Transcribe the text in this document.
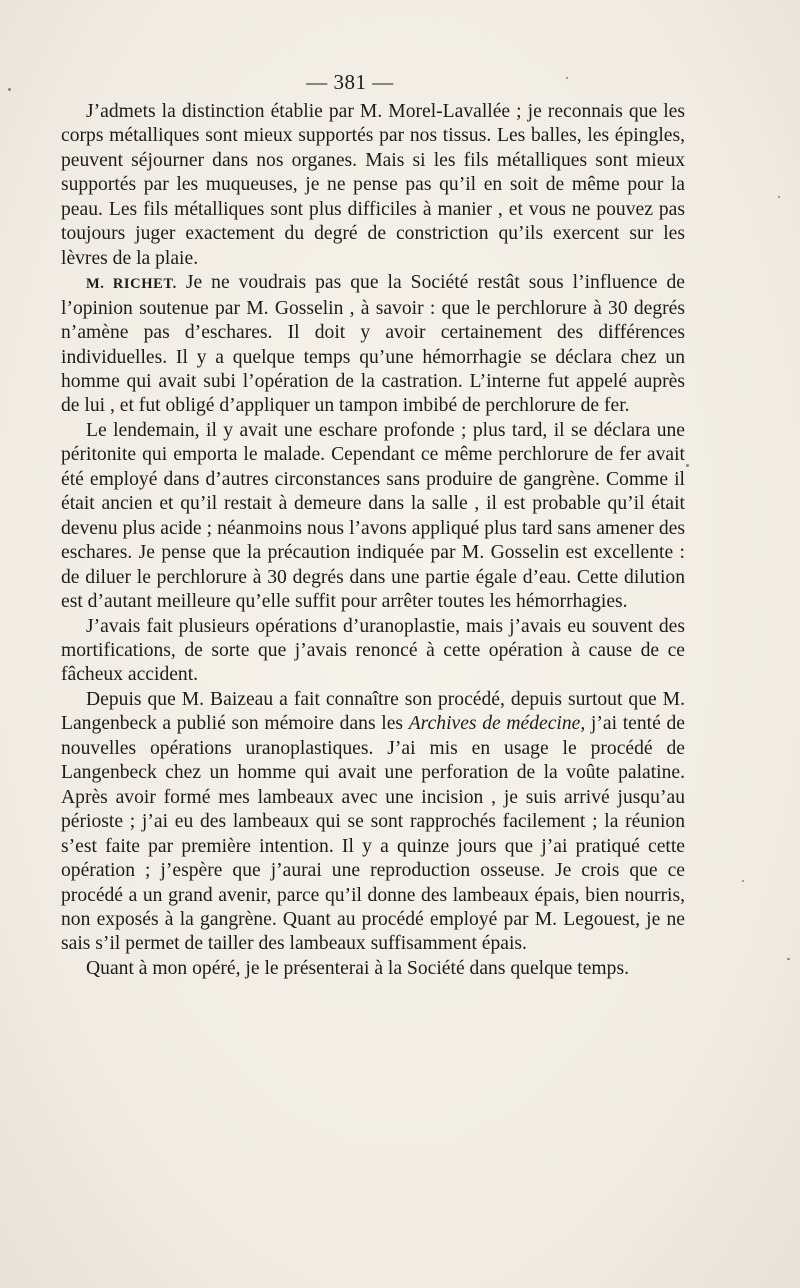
— 381 —

J’admets la distinction établie par M. Morel-Lavallée ; je reconnais que les corps métalliques sont mieux supportés par nos tissus. Les balles, les épingles, peuvent séjourner dans nos organes. Mais si les fils métalliques sont mieux supportés par les muqueuses, je ne pense pas qu’il en soit de même pour la peau. Les fils métalliques sont plus difficiles à manier , et vous ne pouvez pas toujours juger exactement du degré de constriction qu’ils exercent sur les lèvres de la plaie.

M. RICHET. Je ne voudrais pas que la Société restât sous l’influence de l’opinion soutenue par M. Gosselin , à savoir : que le perchlorure à 30 degrés n’amène pas d’eschares. Il doit y avoir certainement des différences individuelles. Il y a quelque temps qu’une hémorrhagie se déclara chez un homme qui avait subi l’opération de la castration. L’interne fut appelé auprès de lui , et fut obligé d’appliquer un tampon imbibé de perchlorure de fer.

Le lendemain, il y avait une eschare profonde ; plus tard, il se déclara une péritonite qui emporta le malade. Cependant ce même perchlorure de fer avait été employé dans d’autres circonstances sans produire de gangrène. Comme il était ancien et qu’il restait à demeure dans la salle , il est probable qu’il était devenu plus acide ; néanmoins nous l’avons appliqué plus tard sans amener des eschares. Je pense que la précaution indiquée par M. Gosselin est excellente : de diluer le perchlorure à 30 degrés dans une partie égale d’eau. Cette dilution est d’autant meilleure qu’elle suffit pour arrêter toutes les hémorrhagies.

J’avais fait plusieurs opérations d’uranoplastie, mais j’avais eu souvent des mortifications, de sorte que j’avais renoncé à cette opération à cause de ce fâcheux accident.

Depuis que M. Baizeau a fait connaître son procédé, depuis surtout que M. Langenbeck a publié son mémoire dans les Archives de médecine, j’ai tenté de nouvelles opérations uranoplastiques. J’ai mis en usage le procédé de Langenbeck chez un homme qui avait une perforation de la voûte palatine. Après avoir formé mes lambeaux avec une incision , je suis arrivé jusqu’au périoste ; j’ai eu des lambeaux qui se sont rapprochés facilement ; la réunion s’est faite par première intention. Il y a quinze jours que j’ai pratiqué cette opération ; j’espère que j’aurai une reproduction osseuse. Je crois que ce procédé a un grand avenir, parce qu’il donne des lambeaux épais, bien nourris, non exposés à la gangrène. Quant au procédé employé par M. Legouest, je ne sais s’il permet de tailler des lambeaux suffisamment épais.

Quant à mon opéré, je le présenterai à la Société dans quelque temps.
